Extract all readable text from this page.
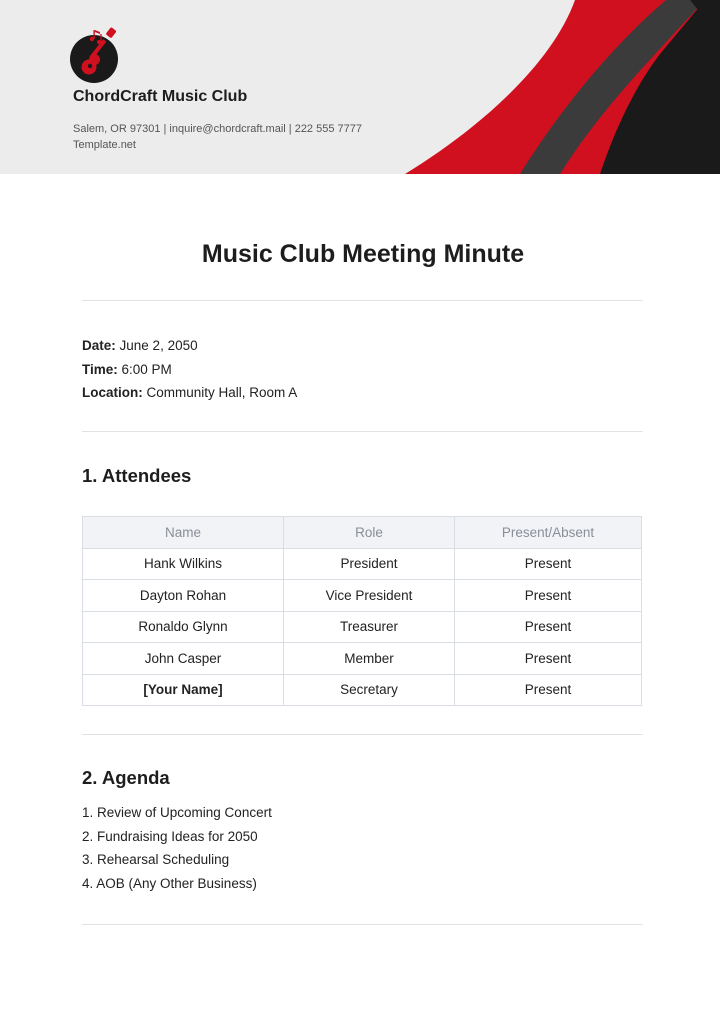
ChordCraft Music Club
Salem, OR 97301 | inquire@chordcraft.mail | 222 555 7777
Template.net
Music Club Meeting Minute
Date: June 2, 2050
Time: 6:00 PM
Location: Community Hall, Room A
1. Attendees
Name	Role	Present/Absent
Hank Wilkins	President	Present
Dayton Rohan	Vice President	Present
Ronaldo Glynn	Treasurer	Present
John Casper	Member	Present
[Your Name]	Secretary	Present
2. Agenda
1. Review of Upcoming Concert
2. Fundraising Ideas for 2050
3. Rehearsal Scheduling
4. AOB (Any Other Business)
